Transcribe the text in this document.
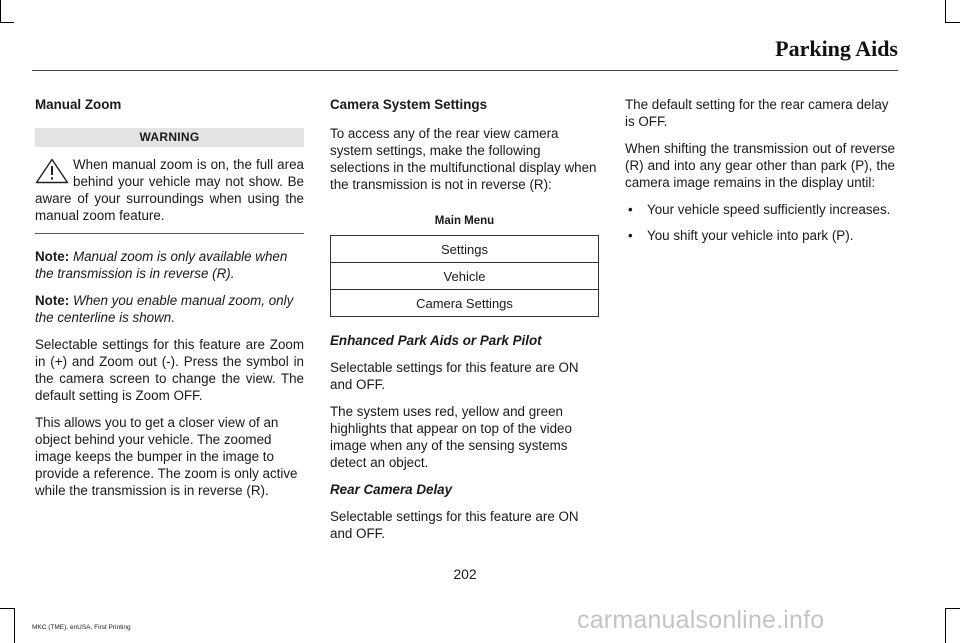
Parking Aids

Manual Zoom

WARNING
When manual zoom is on, the full area behind your vehicle may not show. Be aware of your surroundings when using the manual zoom feature.

Note: Manual zoom is only available when the transmission is in reverse (R).

Note: When you enable manual zoom, only the centerline is shown.

Selectable settings for this feature are Zoom in (+) and Zoom out (-). Press the symbol in the camera screen to change the view. The default setting is Zoom OFF.

This allows you to get a closer view of an object behind your vehicle. The zoomed image keeps the bumper in the image to provide a reference. The zoom is only active while the transmission is in reverse (R).

Camera System Settings

To access any of the rear view camera system settings, make the following selections in the multifunctional display when the transmission is not in reverse (R):

Main Menu
Settings
Vehicle
Camera Settings

Enhanced Park Aids or Park Pilot

Selectable settings for this feature are ON and OFF.

The system uses red, yellow and green highlights that appear on top of the video image when any of the sensing systems detect an object.

Rear Camera Delay

Selectable settings for this feature are ON and OFF.

The default setting for the rear camera delay is OFF.

When shifting the transmission out of reverse (R) and into any gear other than park (P), the camera image remains in the display until:

• Your vehicle speed sufficiently increases.
• You shift your vehicle into park (P).
202
MKC (TME), enUSA, First Printing	carmanualsonline.info
